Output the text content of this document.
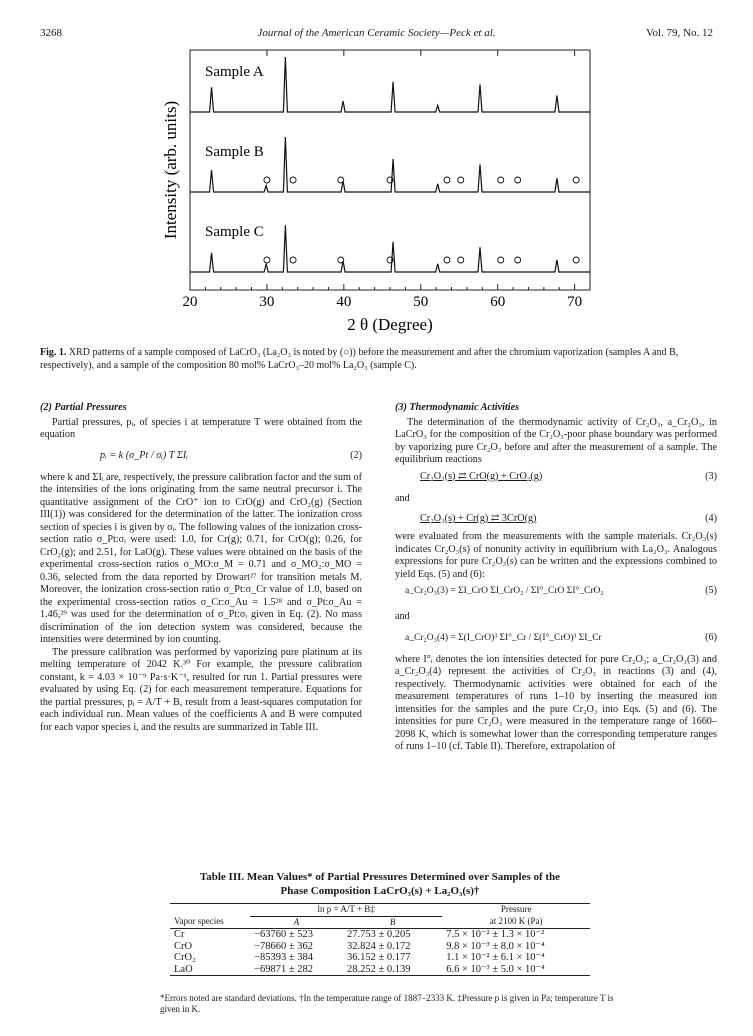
3268	Journal of the American Ceramic Society—Peck et al.	Vol. 79, No. 12
20	30	40	50	60	70
Sample A
Sample B
Sample C
Intensity (arb. units)
2 θ (Degree)
Fig. 1. XRD patterns of a sample composed of LaCrO₃ (La₂O₃ is noted by (○)) before the measurement and after the chromium vaporization (samples A and B, respectively), and a sample of the composition 80 mol% LaCrO₃–20 mol% La₂O₃ (sample C).
(2) Partial Pressures

Partial pressures, pᵢ, of species i at temperature T were obtained from the equation

pᵢ = k (σ_Pt / σᵢ) T ΣIᵢ	(2)

where k and ΣIᵢ are, respectively, the pressure calibration factor and the sum of the intensities of the ions originating from the same neutral precursor i. The quantitative assignment of the CrO⁺ ion to CrO(g) and CrO₂(g) (Section III(1)) was considered for the determination of the latter. The ionization cross section of species i is given by σᵢ. The following values of the ionization cross-section ratio σ_Pt:σᵢ were used: 1.0, for Cr(g); 0.71, for CrO(g); 0.26, for CrO₂(g); and 2.51, for LaO(g). These values were obtained on the basis of the experimental cross-section ratios σ_MO:σ_M = 0.71 and σ_MO₂:σ_MO = 0.36, selected from the data reported by Drowart²⁷ for transition metals M. Moreover, the ionization cross-section ratio σ_Pt:σ_Cr value of 1.0, based on the experimental cross-section ratios σ_Cr:σ_Au = 1.5²⁸ and σ_Pt:σ_Au = 1.46,²⁹ was used for the determination of σ_Pt:σᵢ given in Eq. (2). No mass discrimination of the ion detection system was considered, because the intensities were determined by ion counting.

The pressure calibration was performed by vaporizing pure platinum at its melting temperature of 2042 K.³⁰ For example, the pressure calibration constant, k = 4.03 × 10⁻⁹ Pa·s·K⁻¹, resulted for run 1. Partial pressures were evaluated by using Eq. (2) for each measurement temperature. Equations for the partial pressures, pᵢ = A/T + B, result from a least-squares computation for each individual run. Mean values of the coefficients A and B were computed for each vapor species i, and the results are summarized in Table III.

(3) Thermodynamic Activities

The determination of the thermodynamic activity of Cr₂O₃, a_Cr₂O₃, in LaCrO₃ for the composition of the Cr₂O₃-poor phase boundary was performed by vaporizing pure Cr₂O₃ before and after the measurement of a sample. The equilibrium reactions

Cr₂O₃(s) ⇄ CrO(g) + CrO₂(g)	(3)
and
Cr₂O₃(s) + Cr(g) ⇄ 3CrO(g)	(4)

were evaluated from the measurements with the sample materials. Cr₂O₃(s) indicates Cr₂O₃(s) of nonunity activity in equilibrium with La₂O₃. Analogous expressions for pure Cr₂O₃(s) can be written and the expressions combined to yield Eqs. (5) and (6):

a_Cr₂O₃(3) = ΣI_CrO ΣI_CrO₂ / ΣI°_CrO ΣI°_CrO₂	(5)
and
a_Cr₂O₃(4) = Σ(I_CrO)³ ΣI°_Cr / Σ(I°_CrO)³ ΣI_Cr	(6)

where I°ᵢ denotes the ion intensities detected for pure Cr₂O₃; a_Cr₂O₃(3) and a_Cr₂O₃(4) represent the activities of Cr₂O₃ in reactions (3) and (4), respectively. Thermodynamic activities were obtained for each of the measurement temperatures of runs 1–10 by inserting the measured ion intensities for the samples and the pure Cr₂O₃ into Eqs. (5) and (6). The intensities for pure Cr₂O₃ were measured in the temperature range of 1660–2098 K, which is somewhat lower than the corresponding temperature ranges of runs 1–10 (cf. Table II). Therefore, extrapolation of

Table III. Mean Values* of Partial Pressures Determined over Samples of the
Phase Composition LaCrO₃(s) + La₂O₃(s)†
	ln p = A/T + B‡		Pressure
Vapor species	A	B	at 2100 K (Pa)
Cr	−63760 ± 523	27.753 ± 0.205	7.5 × 10⁻² ± 1.3 × 10⁻²
CrO	−78660 ± 362	32.824 ± 0.172	9.8 × 10⁻³ ± 8.0 × 10⁻⁴
CrO₂	−85393 ± 384	36.152 ± 0.177	1.1 × 10⁻² ± 6.1 × 10⁻⁴
LaO	−69871 ± 282	28.252 ± 0.139	6.6 × 10⁻³ ± 5.0 × 10⁻⁴
*Errors noted are standard deviations. †In the temperature range of 1887–2333 K. ‡Pressure p is given in Pa; temperature T is given in K.
